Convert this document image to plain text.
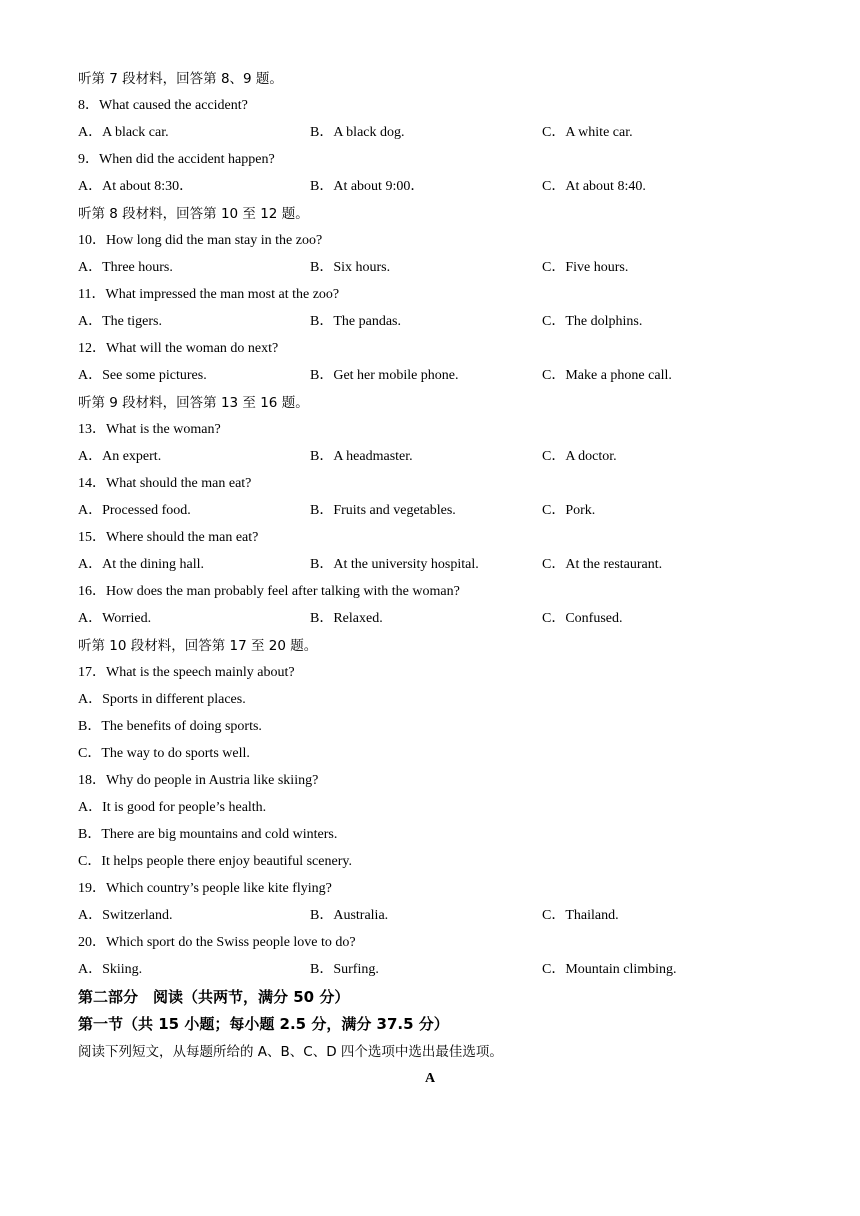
听第 7 段材料，回答第 8、9 题。
8．What caused the accident?
A．A black car.	B．A black dog.	C．A white car.
9．When did the accident happen?
A．At about 8:30．	B．At about 9:00．	C．At about 8:40.
听第 8 段材料，回答第 10 至 12 题。
10．How long did the man stay in the zoo?
A．Three hours.	B．Six hours.	C．Five hours.
11．What impressed the man most at the zoo?
A．The tigers.	B．The pandas.	C．The dolphins.
12．What will the woman do next?
A．See some pictures.	B．Get her mobile phone.	C．Make a phone call.
听第 9 段材料，回答第 13 至 16 题。
13．What is the woman?
A．An expert.	B．A headmaster.	C．A doctor.
14．What should the man eat?
A．Processed food.	B．Fruits and vegetables.	C．Pork.
15．Where should the man eat?
A．At the dining hall.	B．At the university hospital.	C．At the restaurant.
16．How does the man probably feel after talking with the woman?
A．Worried.	B．Relaxed.	C．Confused.
听第 10 段材料，回答第 17 至 20 题。
17．What is the speech mainly about?
A．Sports in different places.
B．The benefits of doing sports.
C．The way to do sports well.
18．Why do people in Austria like skiing?
A．It is good for people’s health.
B．There are big mountains and cold winters.
C．It helps people there enjoy beautiful scenery.
19．Which country’s people like kite flying?
A．Switzerland.	B．Australia.	C．Thailand.
20．Which sport do the Swiss people love to do?
A．Skiing.	B．Surfing.	C．Mountain climbing.
第二部分　阅读（共两节，满分 50 分）
第一节（共 15 小题；每小题 2.5 分，满分 37.5 分）
阅读下列短文，从每题所给的 A、B、C、D 四个选项中选出最佳选项。
A
